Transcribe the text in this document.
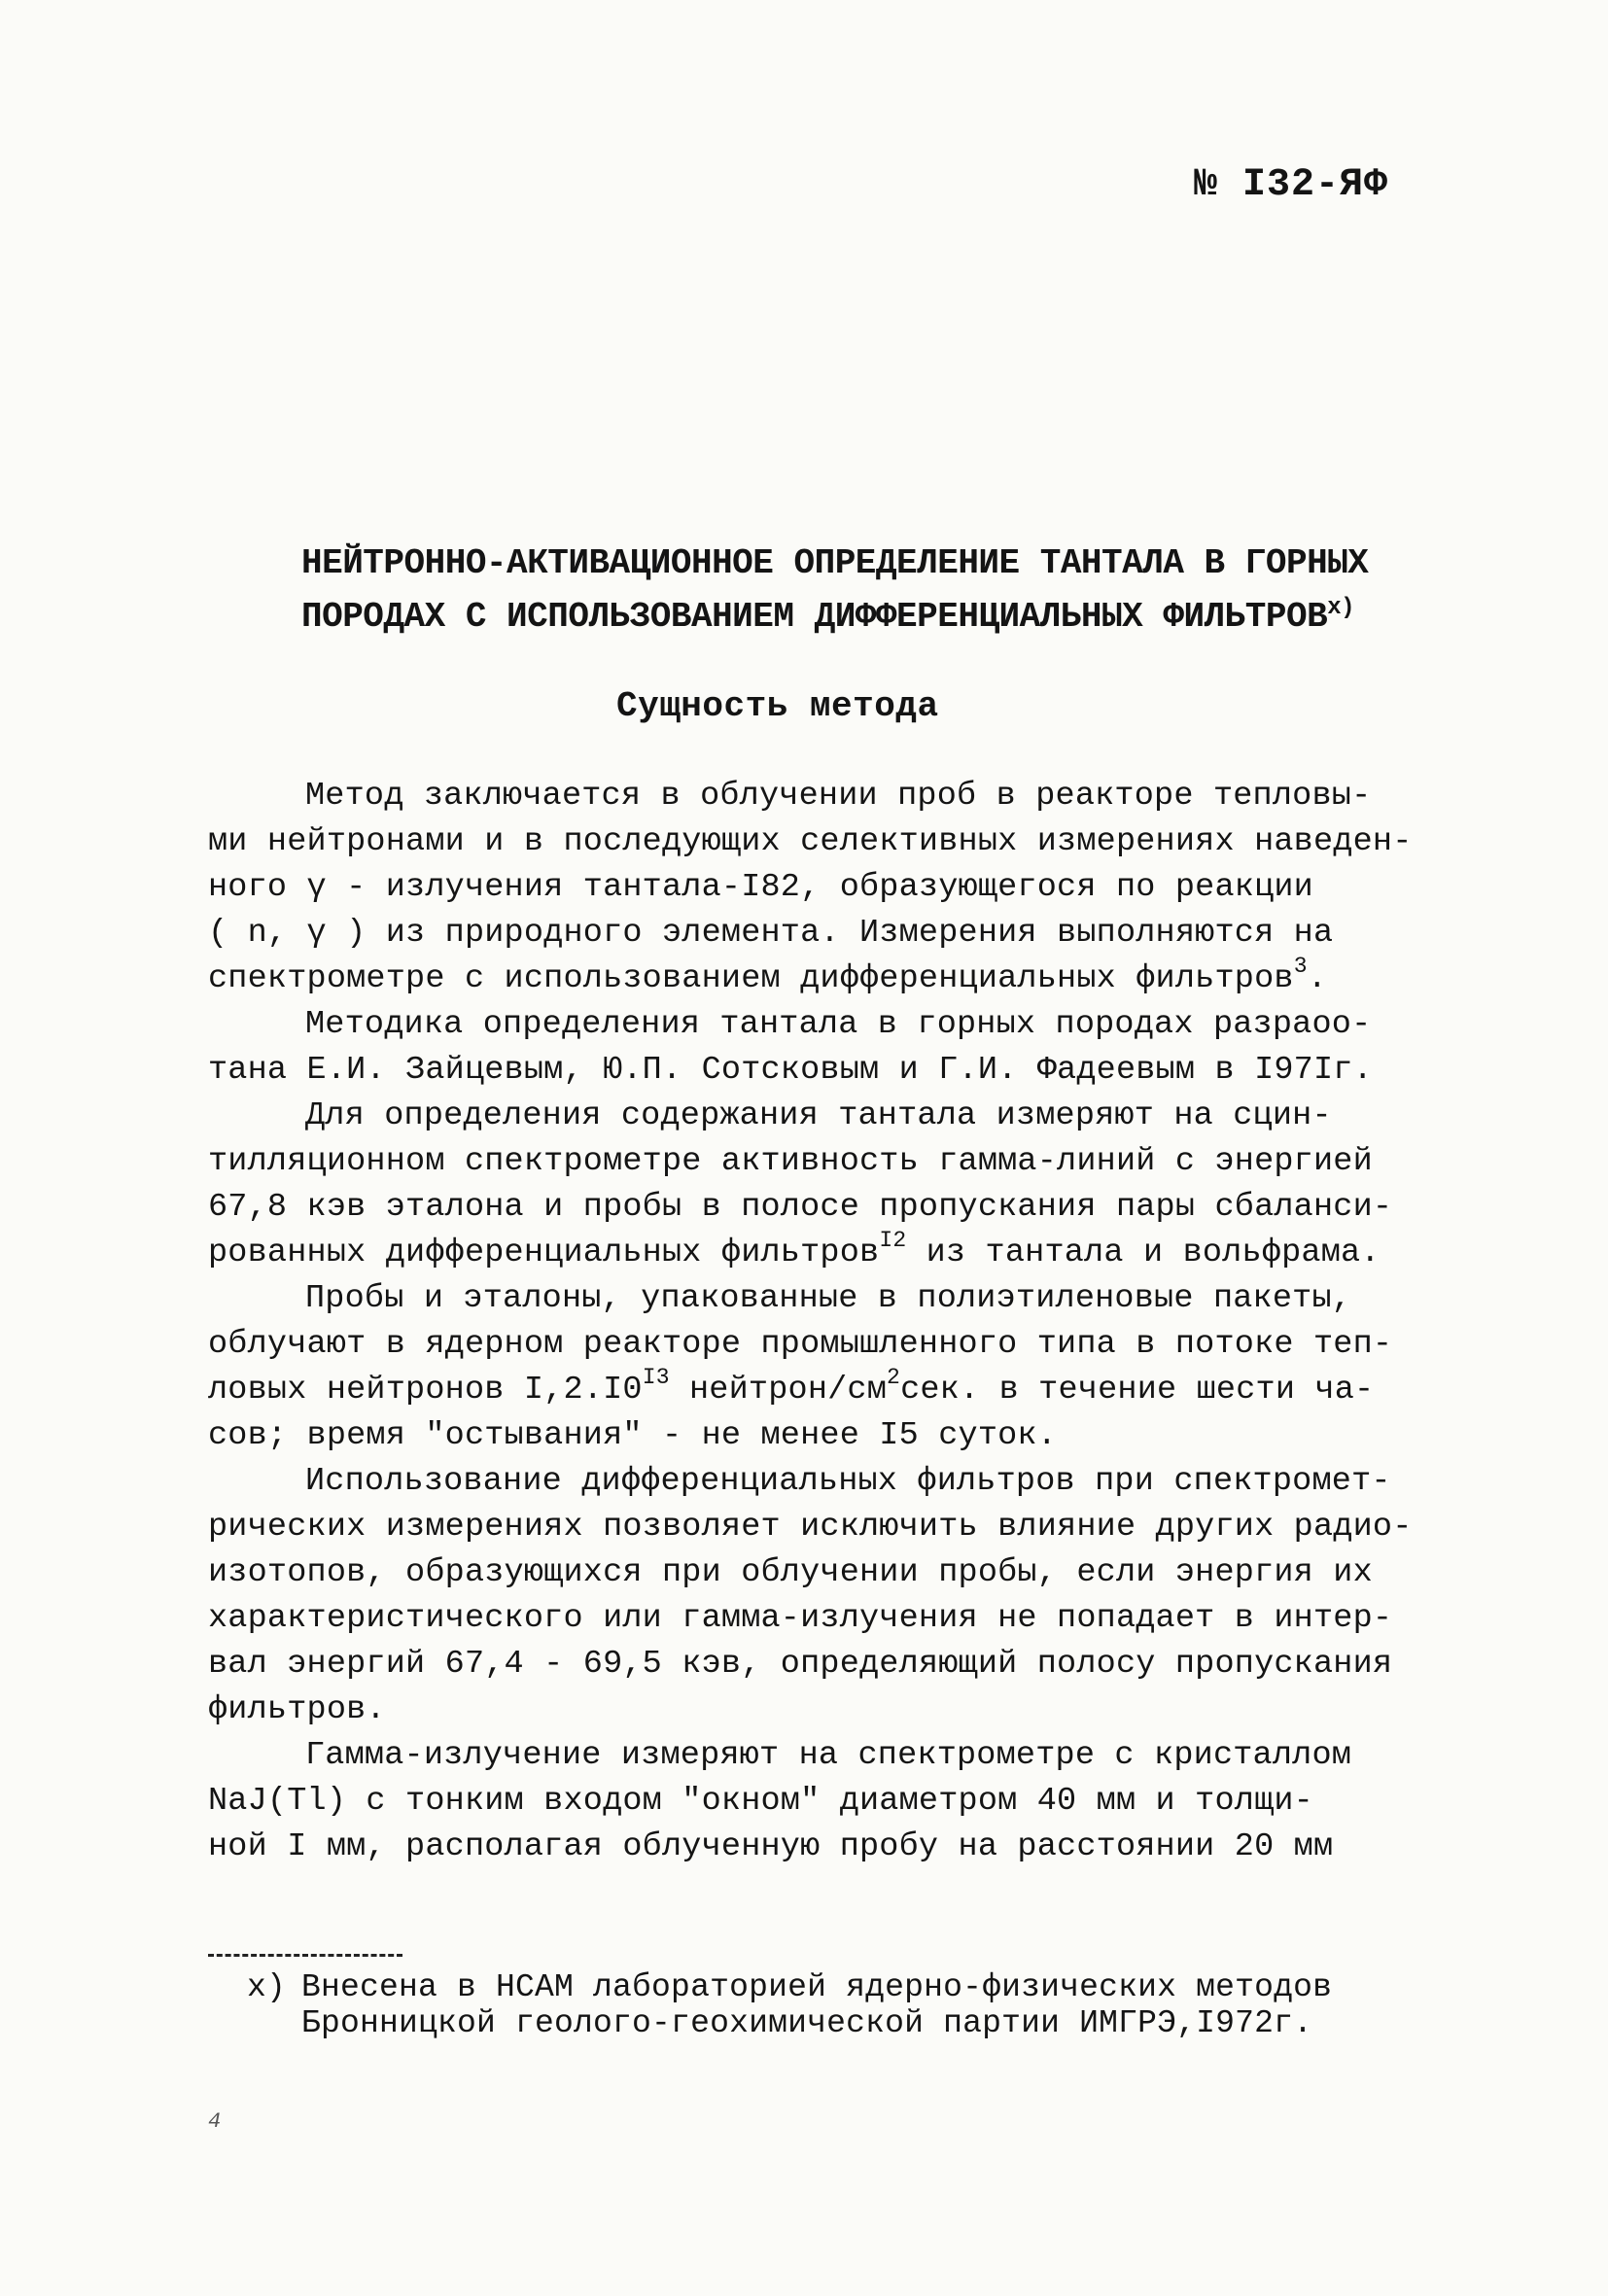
№ I32-ЯФ
НЕЙТРОННО-АКТИВАЦИОННОЕ ОПРЕДЕЛЕНИЕ ТАНТАЛА В ГОРНЫХ
ПОРОДАХ С ИСПОЛЬЗОВАНИЕМ ДИФФЕРЕНЦИАЛЬНЫХ ФИЛЬТРОВ$^{x)}$
Сущность метода
Метод заключается в облучении проб в реакторе тепловы-
ми нейтронами и в последующих селективных измерениях наведен-
ного γ - излучения тантала-I82, образующегося по реакции
( n, γ ) из природного элемента. Измерения выполняются на
спектрометре с использованием дифференциальных фильтров$^3$.
Методика определения тантала в горных породах разраоо-
тана Е.И. Зайцевым, Ю.П. Сотсковым и Г.И. Фадеевым в I97Iг.
Для определения содержания тантала измеряют на сцин-
тилляционном спектрометре активность гамма-линий с энергией
67,8 кэв эталона и пробы в полосе пропускания пары сбаланси-
рованных дифференциальных фильтров$^{I2}$ из тантала и вольфрама.
Пробы и эталоны, упакованные в полиэтиленовые пакеты,
облучают в ядерном реакторе промышленного типа в потоке теп-
ловых нейтронов $I,2.I0^{I3}$ нейтрон/$см^2сек$. в течение шести ча-
сов; время "остывания" - не менее I5 суток.
Использование дифференциальных фильтров при спектромет-
рических измерениях позволяет исключить влияние других радио-
изотопов, образующихся при облучении пробы, если энергия их
характеристического или гамма-излучения не попадает в интер-
вал энергий 67,4 - 69,5 кэв, определяющий полосу пропускания
фильтров.
Гамма-излучение измеряют на спектрометре с кристаллом
NaJ(Tl) с тонким входом "окном" диаметром 40 мм и толщи-
ной I мм, располагая облученную пробу на расстоянии 20 мм
x) Внесена в НСАМ лабораторией ядерно-физических методов
Бронницкой геолого-геохимической партии ИМГРЭ,I972г.
4
